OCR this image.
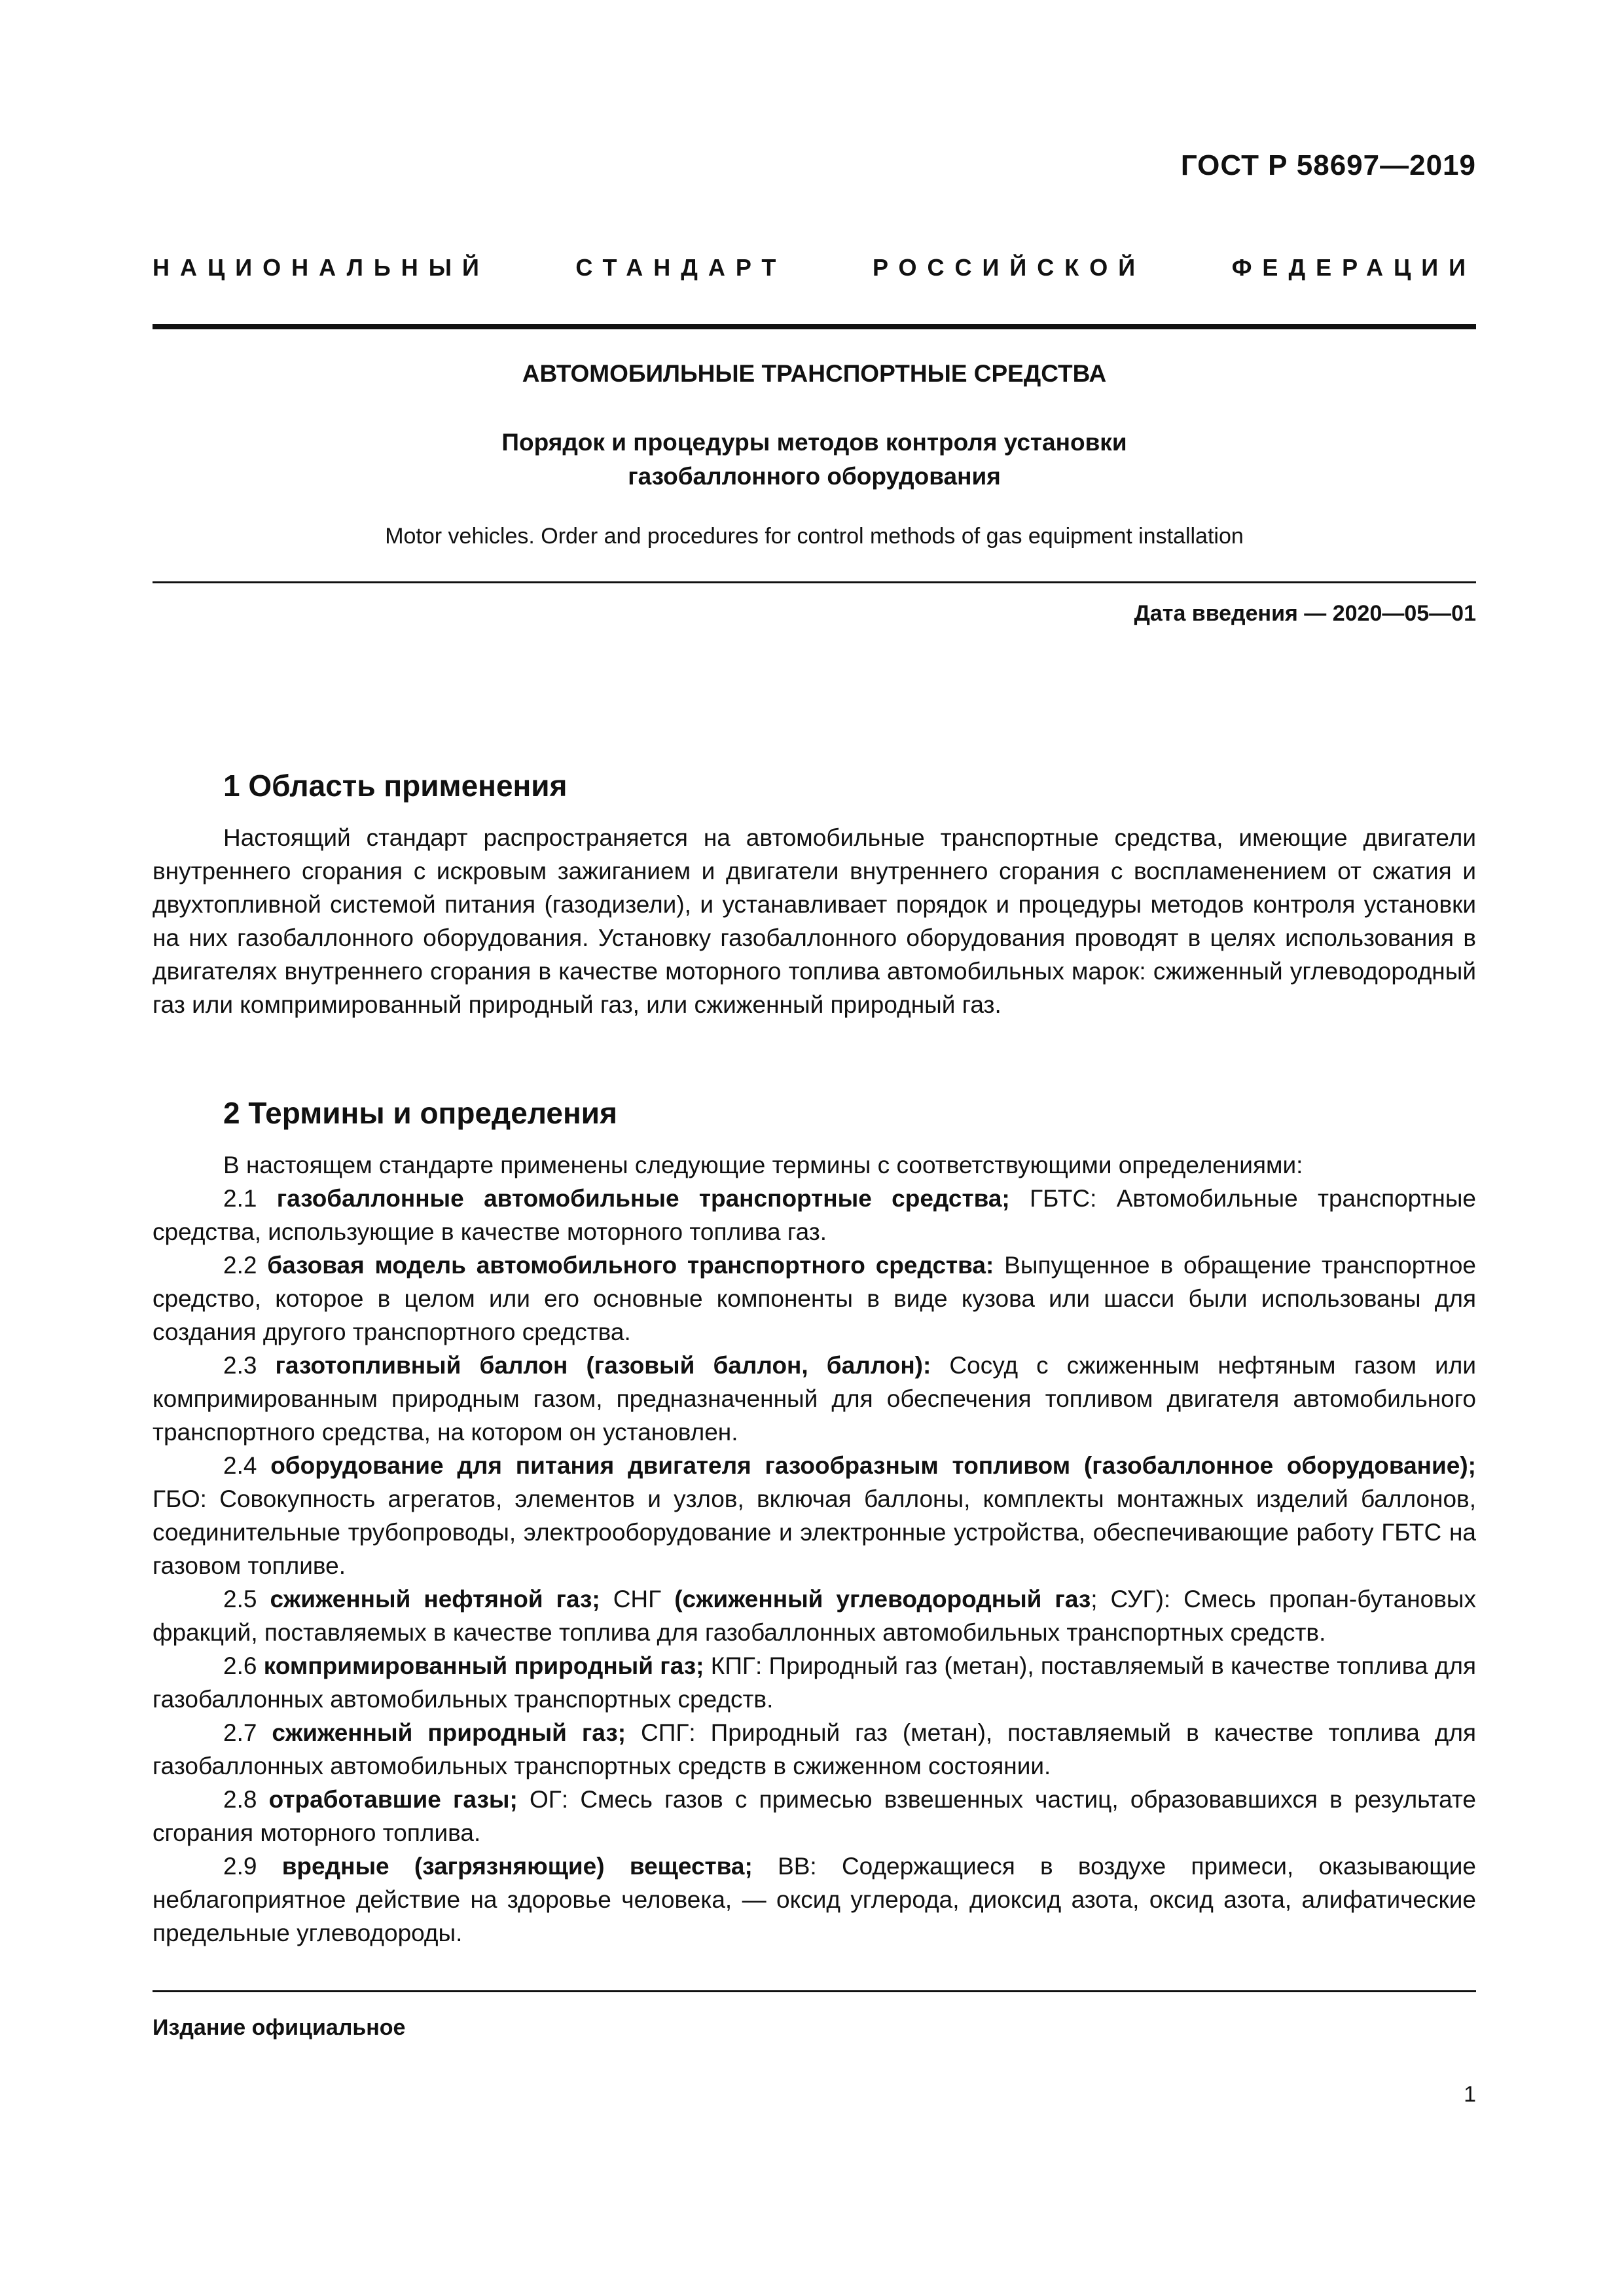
ГОСТ Р 58697—2019
НАЦИОНАЛЬНЫЙ СТАНДАРТ РОССИЙСКОЙ ФЕДЕРАЦИИ
АВТОМОБИЛЬНЫЕ ТРАНСПОРТНЫЕ СРЕДСТВА
Порядок и процедуры методов контроля установки
газобаллонного оборудования
Motor vehicles. Order and procedures for control methods of gas equipment installation
Дата введения — 2020—05—01
1 Область применения

Настоящий стандарт распространяется на автомобильные транспортные средства, имеющие двигатели внутреннего сгорания с искровым зажиганием и двигатели внутреннего сгорания с воспламенением от сжатия и двухтопливной системой питания (газодизели), и устанавливает порядок и процедуры методов контроля установки на них газобаллонного оборудования. Установку газобаллонного оборудования проводят в целях использования в двигателях внутреннего сгорания в качестве моторного топлива автомобильных марок: сжиженный углеводородный газ или компримированный природный газ, или сжиженный природный газ.

2 Термины и определения

В настоящем стандарте применены следующие термины с соответствующими определениями:

2.1 газобаллонные автомобильные транспортные средства; ГБТС: Автомобильные транспортные средства, использующие в качестве моторного топлива газ.

2.2 базовая модель автомобильного транспортного средства: Выпущенное в обращение транспортное средство, которое в целом или его основные компоненты в виде кузова или шасси были использованы для создания другого транспортного средства.

2.3 газотопливный баллон (газовый баллон, баллон): Сосуд с сжиженным нефтяным газом или компримированным природным газом, предназначенный для обеспечения топливом двигателя автомобильного транспортного средства, на котором он установлен.

2.4 оборудование для питания двигателя газообразным топливом (газобаллонное оборудование); ГБО: Совокупность агрегатов, элементов и узлов, включая баллоны, комплекты монтажных изделий баллонов, соединительные трубопроводы, электрооборудование и электронные устройства, обеспечивающие работу ГБТС на газовом топливе.

2.5 сжиженный нефтяной газ; СНГ (сжиженный углеводородный газ; СУГ): Смесь пропан-бутановых фракций, поставляемых в качестве топлива для газобаллонных автомобильных транспортных средств.

2.6 компримированный природный газ; КПГ: Природный газ (метан), поставляемый в качестве топлива для газобаллонных автомобильных транспортных средств.

2.7 сжиженный природный газ; СПГ: Природный газ (метан), поставляемый в качестве топлива для газобаллонных автомобильных транспортных средств в сжиженном состоянии.

2.8 отработавшие газы; ОГ: Смесь газов с примесью взвешенных частиц, образовавшихся в результате сгорания моторного топлива.

2.9 вредные (загрязняющие) вещества; ВВ: Содержащиеся в воздухе примеси, оказывающие неблагоприятное действие на здоровье человека, — оксид углерода, диоксид азота, оксид азота, алифатические предельные углеводороды.

Издание официальное
1
